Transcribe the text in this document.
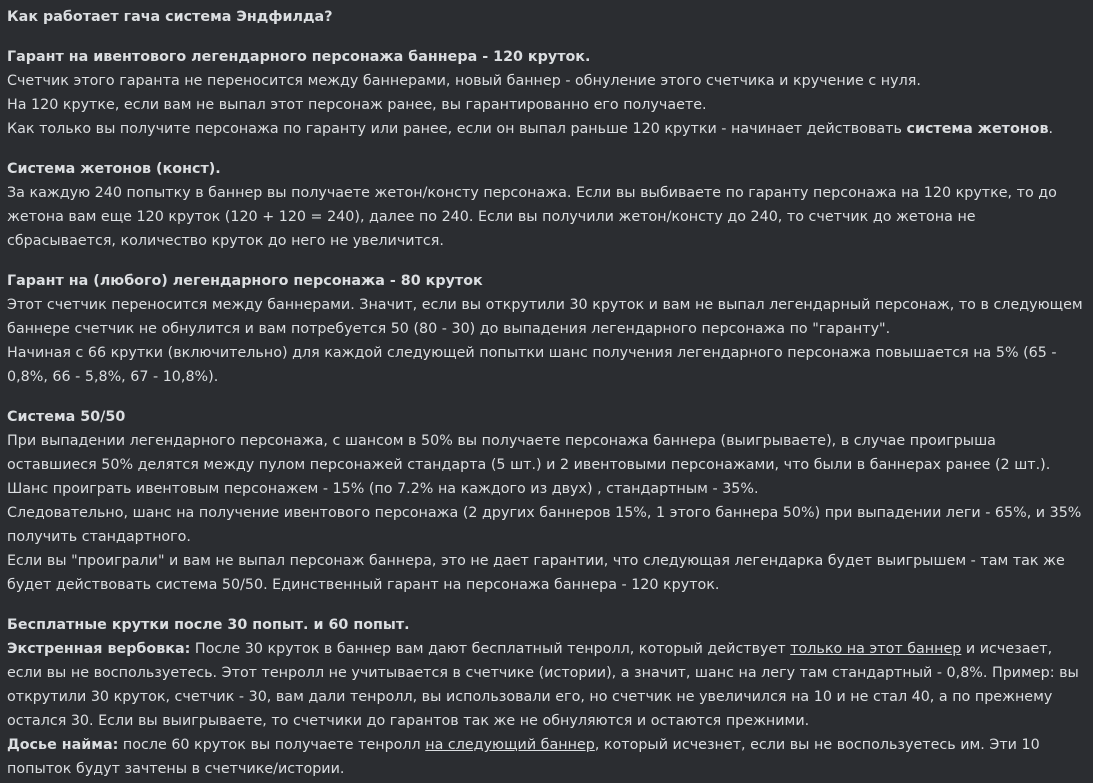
Как работает гача система Эндфилда?

Гарант на ивентового легендарного персонажа баннера - 120 круток.

Счетчик этого гаранта не переносится между баннерами, новый баннер - обнуление этого счетчика и кручение с нуля.

На 120 крутке, если вам не выпал этот персонаж ранее, вы гарантированно его получаете.

Как только вы получите персонажа по гаранту или ранее, если он выпал раньше 120 крутки - начинает действовать система жетонов.

Система жетонов (конст).

За каждую 240 попытку в баннер вы получаете жетон/консту персонажа. Если вы выбиваете по гаранту персонажа на 120 крутке, то до жетона вам еще 120 круток (120 + 120 = 240), далее по 240. Если вы получили жетон/консту до 240, то счетчик до жетона не сбрасывается, количество круток до него не увеличится.

Гарант на (любого) легендарного персонажа - 80 круток

Этот счетчик переносится между баннерами. Значит, если вы открутили 30 круток и вам не выпал легендарный персонаж, то в следующем баннере счетчик не обнулится и вам потребуется 50 (80 - 30) до выпадения легендарного персонажа по "гаранту".

Начиная с 66 крутки (включительно) для каждой следующей попытки шанс получения легендарного персонажа повышается на 5% (65 - 0,8%, 66 - 5,8%, 67 - 10,8%).

Система 50/50

При выпадении легендарного персонажа, с шансом в 50% вы получаете персонажа баннера (выигрываете), в случае проигрыша оставшиеся 50% делятся между пулом персонажей стандарта (5 шт.) и 2 ивентовыми персонажами, что были в баннерах ранее (2 шт.).

Шанс проиграть ивентовым персонажем - 15% (по 7.2% на каждого из двух) , стандартным - 35%.

Следовательно, шанс на получение ивентового персонажа (2 других баннеров 15%, 1 этого баннера 50%) при выпадении леги - 65%, и 35% получить стандартного.

Если вы "проиграли" и вам не выпал персонаж баннера, это не дает гарантии, что следующая легендарка будет выигрышем - там так же будет действовать система 50/50. Единственный гарант на персонажа баннера - 120 круток.

Бесплатные крутки после 30 попыт. и 60 попыт.

Экстренная вербовка: После 30 круток в баннер вам дают бесплатный тенролл, который действует только на этот баннер и исчезает, если вы не воспользуетесь. Этот тенролл не учитывается в счетчике (истории), а значит, шанс на легу там стандартный - 0,8%. Пример: вы открутили 30 круток, счетчик - 30, вам дали тенролл, вы использовали его, но счетчик не увеличился на 10 и не стал 40, а по прежнему остался 30. Если вы выигрываете, то счетчики до гарантов так же не обнуляются и остаются прежними.

Досье найма: после 60 круток вы получаете тенролл на следующий баннер, который исчезнет, если вы не воспользуетесь им. Эти 10 попыток будут зачтены в счетчике/истории.
